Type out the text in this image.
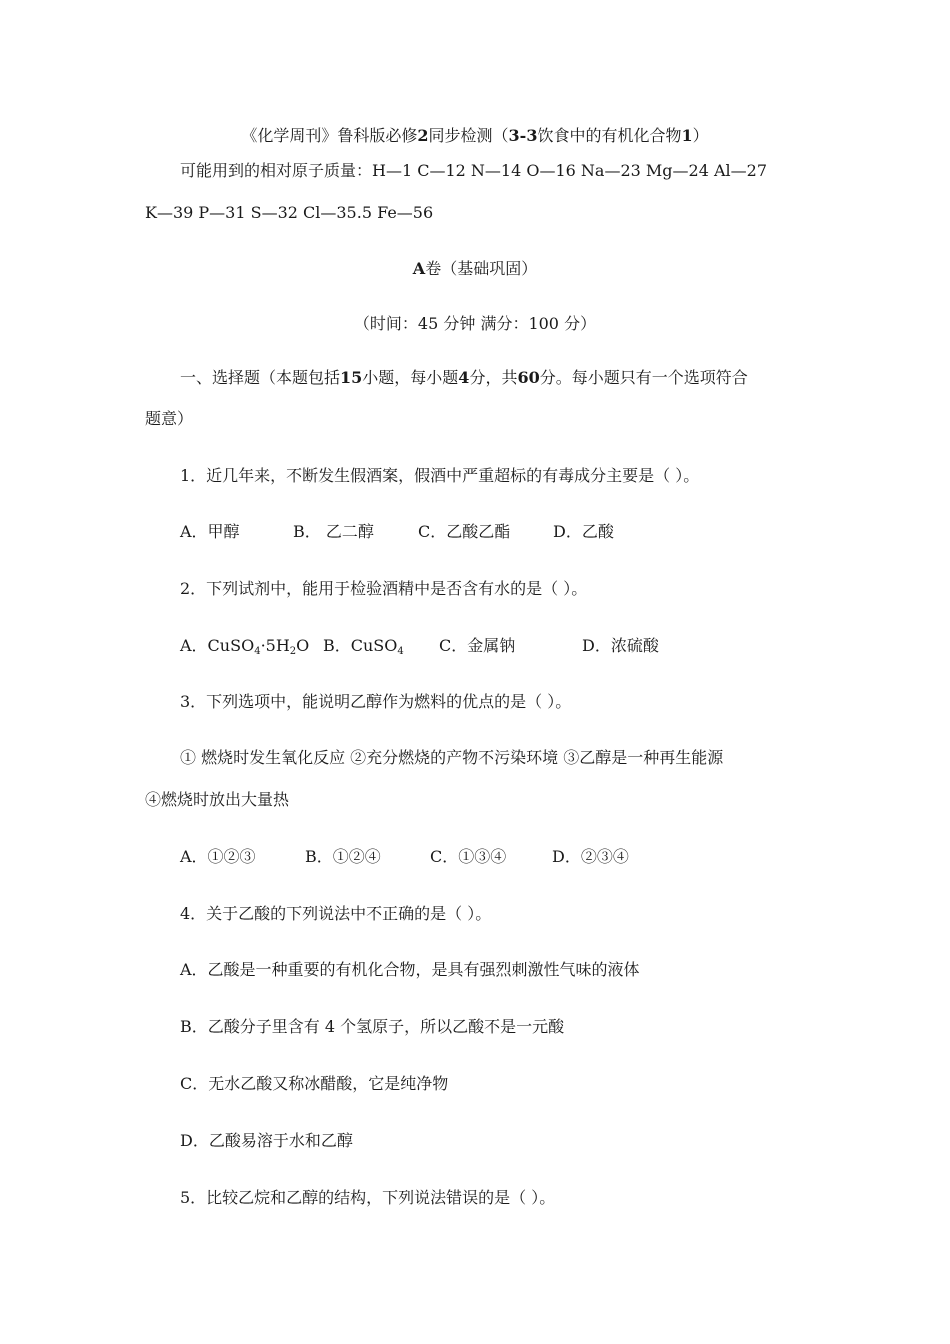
《化学周刊》鲁科版必修2同步检测（3-3饮食中的有机化合物1）
可能用到的相对原子质量：H—1 C—12 N—14 O—16 Na—23 Mg—24 Al—27
K—39 P—31 S—32 Cl—35.5 Fe—56
A卷（基础巩固）
（时间：45 分钟 满分：100 分）
一、选择题（本题包括15小题，每小题4分，共60分。每小题只有一个选项符合
题意）
1．近几年来，不断发生假酒案，假酒中严重超标的有毒成分主要是（ ）。
A．甲醇	B． 乙二醇	C．乙酸乙酯	D．乙酸
2．下列试剂中，能用于检验酒精中是否含有水的是（ ）。
A．$CuSO_4\cdot 5H_2O$ B．CuSO$_4$ C．金属钠	D．浓硫酸
3．下列选项中，能说明乙醇作为燃料的优点的是（ ）。
① 燃烧时发生氧化反应 ②充分燃烧的产物不污染环境 ③乙醇是一种再生能源
④燃烧时放出大量热
A．①②③	B．①②④	C．①③④	D．②③④
4．关于乙酸的下列说法中不正确的是（ ）。
A．乙酸是一种重要的有机化合物，是具有强烈刺激性气味的液体
B．乙酸分子里含有 4 个氢原子，所以乙酸不是一元酸
C．无水乙酸又称冰醋酸，它是纯净物
D．乙酸易溶于水和乙醇
5．比较乙烷和乙醇的结构，下列说法错误的是（ ）。
